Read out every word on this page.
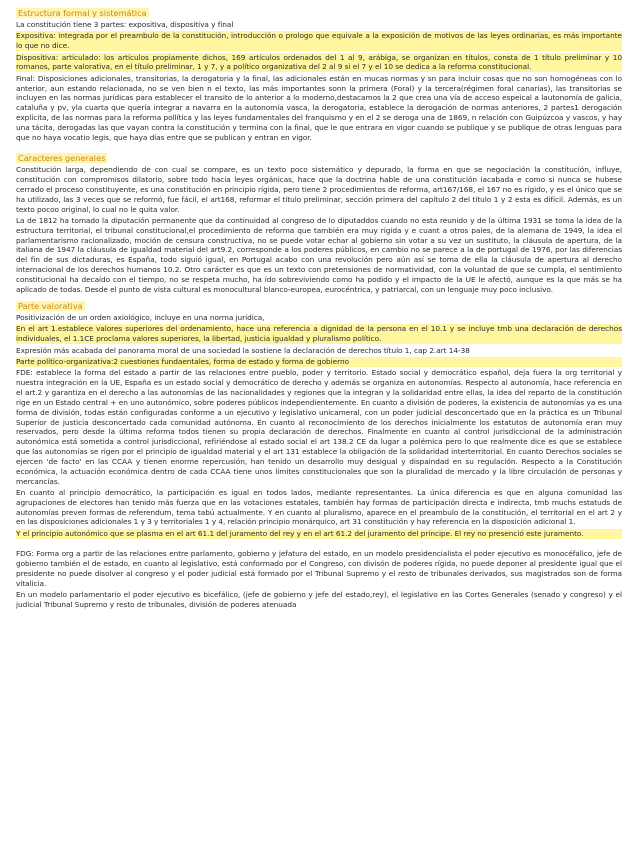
Estructura formal y sistemática

La constitución tiene 3 partes: expositiva, dispositiva y final

Expositiva: integrada por el preambulo de la constitución, introducción o prologo que equivale a la exposición de motivos de las leyes ordinarias, es más importante lo que no dice.

Dispositiva: articulado: los artículos propiamente dichos, 169 artículos ordenados del 1 al 9, arábiga, se organizan en títulos, consta de 1 título preliminar y 10 romanos, parte valorativa, en el título preliminar, 1 y 7, y a político organizativa del 2 al 9 si el 7 y el 10 se dedica a la reforma constitucional.

Final: Disposiciones adicionales, transitorias, la derogatoria y la final, las adicionales están en mucas normas y sn para incluir cosas que no son homogéneas con lo anterior, aun estando relacionada, no se ven bien n el texto, las más importantes sonn la primera (Foral) y la tercera(régimen foral canarias), las transitorias se incluyen en las normas jurídicas para establecer el transito de lo anterior a lo moderno,destacamos la 2 que crea una vía de acceso espeical a lautonomía de galicia, cataluña y pv, yla cuarta que quería integrar a navarra en la autonomía vasca, la derogatoria, establece la derogación de normas anteriores, 2 partes1 derogación explícita, de las normas para la reforma pollítica y las leyes fundamentales del franquismo y en el 2 se deroga una de 1869, n relación con Guipúzcoa y vascos, y hay una tácita, derogadas las que vayan contra la constitución y termina con la final, que le que entrara en vigor cuando se publique y se publique de otras lenguas para que no haya vocatio legis, que haya días entre que se publican y entran en vigor.

Caracteres generales

Constitución larga, dependiendo de con cual se compare, es un texto poco sistemático y depurado, la forma en que se negociación la constitución, influye, constitución con compromisos dilatorio, sobre todo hacia leyes orgánicas, hace que la doctrina hable de una constitución iacabada e como si nunca se hubese cerrado el proceso constituyente, es una constitución en principio rígida, pero tiene 2 procedimientos de reforma, art167/168, el 167 no es rígido, y es el único que se ha utilizado, las 3 veces que se reformó, fue fácil, el art168, reformar el título preliminar, sección primera del capítulo 2 del título 1 y 2 esta es difícil. Además, es un texto pocoo original, lo cual no le quita valor.

La de 1812 ha tomado la diputación permanente que da continuidad al congreso de lo diputaddos cuando no esta reunido y de la última 1931 se toma la idea de la estructura territorial, el tribunal constitucional,el procedimiento de reforma que también era muy rígida y e cuant a otros paíes, de la alemana de 1949, la idea el parlamentarismo racionalizado, moción de censura constructiva, no se puede votar echar al gobierno sin votar a su vez un sustituto, la cláusula de apertura, de la italiana de 1947 la cláusula de igualdad material del art9.2, corresponde a los poderes públicos, en cambio no se parece a la de portugal de 1976, por las diferencias del fin de sus dictaduras, es España, todo siguió igual, en Portugal acabo con una revolución pero aún así se toma de ella la cláusula de apertura al derecho internacional de los derechos humanos 10.2. Otro carácter es que es un texto con pretensiones de normatividad, con la voluntad de que se cumpla, el sentimiento constitucional ha decaído con el tiempo, no se respeta mucho, ha ido sobreviviendo como ha podido y el impacto de la UE le afectó, aunque es la que más se ha aplicado de todas. Desde el punto de vista cultural es monocultural blanco-europea, eurocéntrica, y patriarcal, con un lenguaje muy poco inclusivo.

Parte valorativa

Positivización de un orden axiológico, incluye en una norma jurídica,

En el art 1.establece valores superiores del ordenamiento, hace una referencia a dignidad de la persona en el 10.1 y se incluye tmb una declaración de derechos individuales, el 1.1CE proclama valores superiores, la libertad, justicia igualdad y pluralismo político.

Expresión más acabada del panorama moral de una sociedad la sostiene la declaración de derechos título 1, cap 2.art 14-38

Parte político-organizativa:2 cuestiones fundaentales, forma de estado y forma de gobierno

FDE: establece la forma del estado a partir de las relaciones entre pueblo, poder y territorio. Estado social y democrático español, deja fuera la org territorial y nuestra integración en la UE, España es un estado social y democrático de derecho y además se organiza en autonomías. Respecto al autonomía, hace referencia en el art.2 y garantiza en el derecho a las autonomías de las nacionalidades y regiones que la integran y la solidaridad entre ellas, la idea del reparto de la constitución rige en un Estado central + en uno autonómico, sobre poderes públicos independientemente. En cuanto a división de poderes, la existencia de autonomías ya es una forma de división, todas están configuradas conforme a un ejecutivo y legislativo unicameral, con un poder judicial desconcertado que en la práctica es un Tribunal Superior de justicia desconcertado cada comunidad autónoma. En cuanto al reconocimiento de los derechos inicialmente los estatutos de autonomía eran muy reservados, pero desde la última reforma todos tienen su propia declaración de derechos. Finalmente en cuanto al control jurisdiccional de la administración autonómica está sometida a control jurisdiccional, refiriéndose al estado social el art 138.2 CE da lugar a polémica pero lo que realmente dice es que se establece que las autonomías se rigen por el principio de igualdad material y el art 131 establece la obligación de la solidaridad interterritorial. En cuanto Derechos sociales se ejercen 'de facto' en las CCAA y tienen enorme repercusión, han tenido un desarrollo muy desigual y dispaindad en su regulación. Respecto a la Constitución económica, la actuación económica dentro de cada CCAA tiene unos límites constitucionales que son la pluralidad de mercado y la libre circulación de personas y mercancías.

En cuanto al principio democrático, la participación es igual en todos lados, mediante representantes. La única diferencia es que en alguna comunidad las agrupaciones de electores han tenido más fuerza que en las votaciones estatales, también hay formas de participación directa e indirecta, tmb muchs estatuds de autonomías preven formas de referendum, tema tabú actualmente. Y en cuanto al pluralismo, aparece en el preambulo de la constitución, el territorial en el art 2 y en las disposiciones adicionales 1 y 3 y territoriales 1 y 4, relación principio monárquico, art 31 constitución y hay referencia en la disposición adicional 1.

Y el principio autonómico que se plasma en el art 61.1 del juramento del rey y en el art 61.2 del juramento del príncipe. El rey no presenció este juramento.

FDG: Forma org a partir de las relaciones entre parlamento, gobierno y jefatura del estado, en un modelo presidencialista el poder ejecutivo es monocéfalico, jefe de gobierno también el de estado, en cuanto al legislativo, está conformado por el Congreso, con divisón de poderes rígida, no puede deponer al presidente igual que el presidente no puede disolver al congreso y el poder judicial está formado por el Tribunal Supremo y el resto de tribunales derivados, sus magistrados son de forma vitalicia.

En un modelo parlamentario el poder ejecutivo es bicefálico, (jefe de gobierno y jefe del estado,rey), el legislativo en las Cortes Generales (senado y congreso) y el judicial Tribunal Supremo y resto de tribunales, división de poderes atenuada
